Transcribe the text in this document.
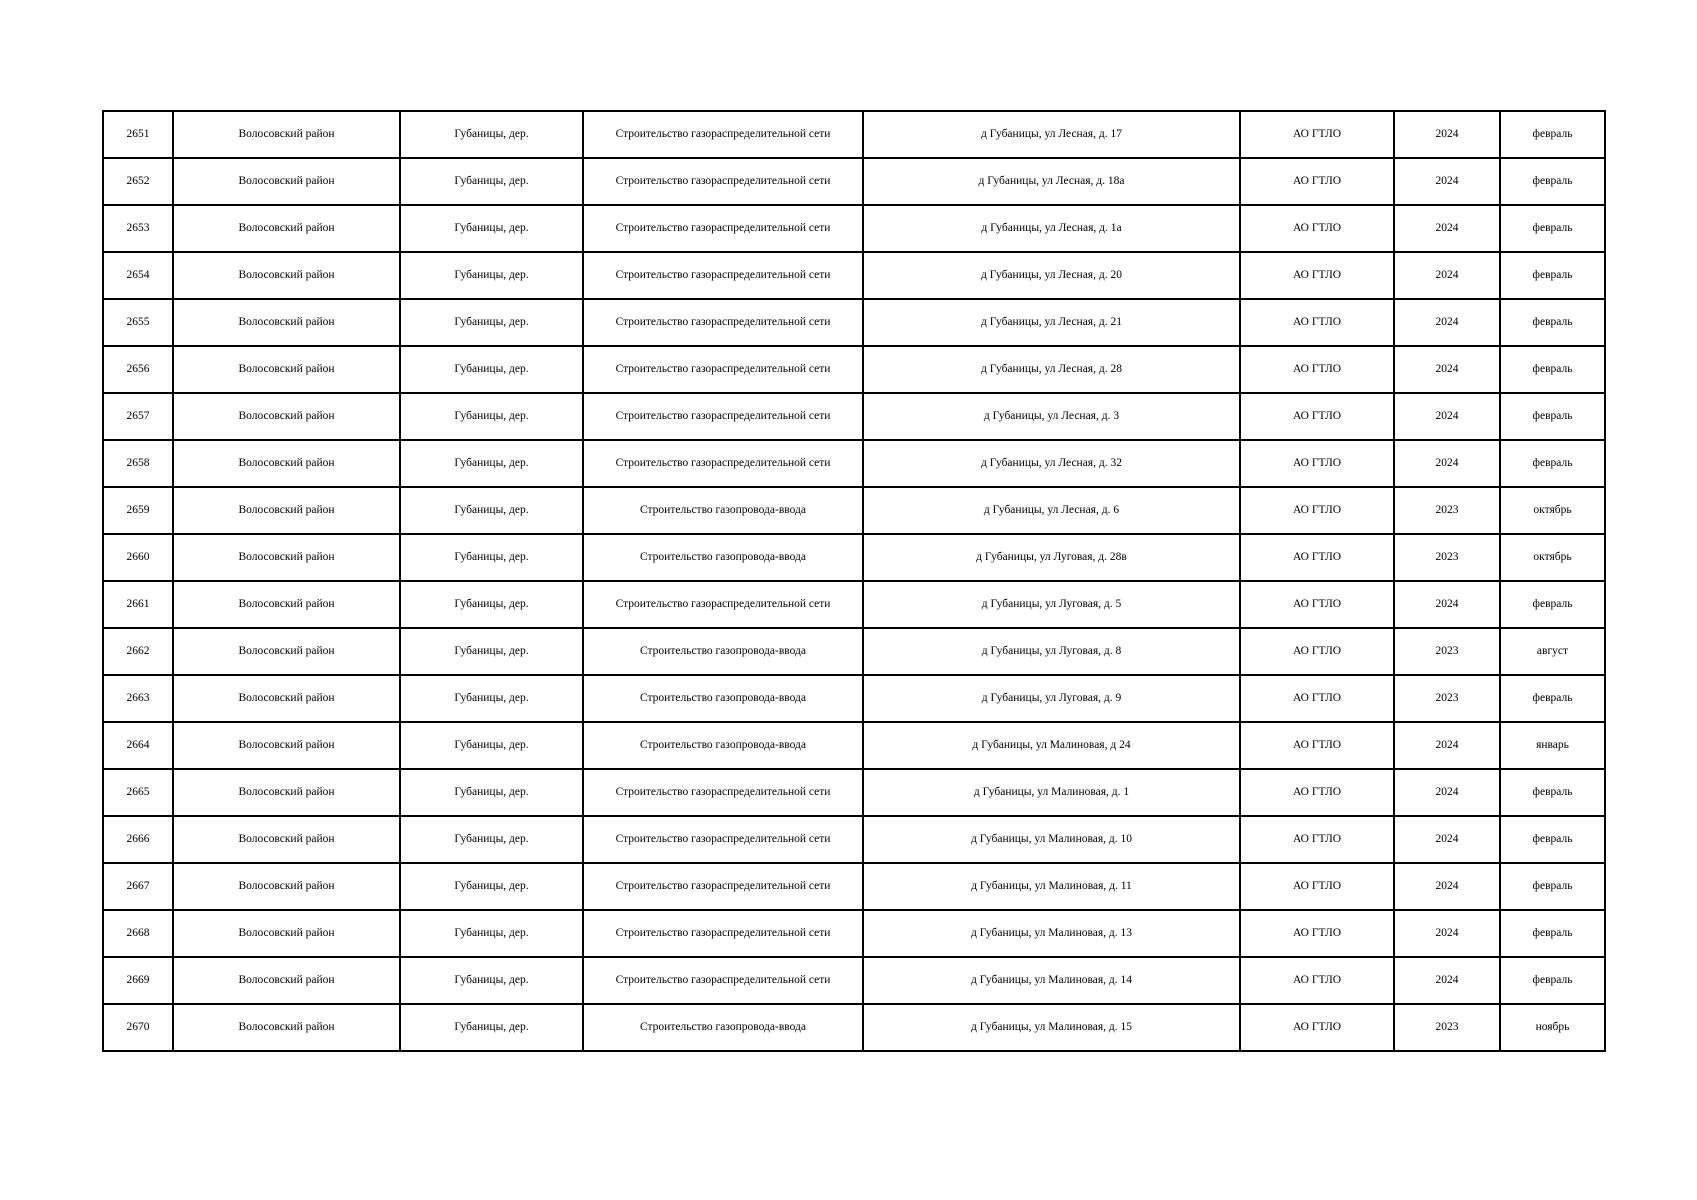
2651	Волосовский район	Губаницы, дер.	Строительство газораспределительной сети	д Губаницы, ул Лесная, д. 17	АО ГТЛО	2024	февраль
2652	Волосовский район	Губаницы, дер.	Строительство газораспределительной сети	д Губаницы, ул Лесная, д. 18а	АО ГТЛО	2024	февраль
2653	Волосовский район	Губаницы, дер.	Строительство газораспределительной сети	д Губаницы, ул Лесная, д. 1а	АО ГТЛО	2024	февраль
2654	Волосовский район	Губаницы, дер.	Строительство газораспределительной сети	д Губаницы, ул Лесная, д. 20	АО ГТЛО	2024	февраль
2655	Волосовский район	Губаницы, дер.	Строительство газораспределительной сети	д Губаницы, ул Лесная, д. 21	АО ГТЛО	2024	февраль
2656	Волосовский район	Губаницы, дер.	Строительство газораспределительной сети	д Губаницы, ул Лесная, д. 28	АО ГТЛО	2024	февраль
2657	Волосовский район	Губаницы, дер.	Строительство газораспределительной сети	д Губаницы, ул Лесная, д. 3	АО ГТЛО	2024	февраль
2658	Волосовский район	Губаницы, дер.	Строительство газораспределительной сети	д Губаницы, ул Лесная, д. 32	АО ГТЛО	2024	февраль
2659	Волосовский район	Губаницы, дер.	Строительство газопровода-ввода	д Губаницы, ул Лесная, д. 6	АО ГТЛО	2023	октябрь
2660	Волосовский район	Губаницы, дер.	Строительство газопровода-ввода	д Губаницы, ул Луговая, д. 28в	АО ГТЛО	2023	октябрь
2661	Волосовский район	Губаницы, дер.	Строительство газораспределительной сети	д Губаницы, ул Луговая, д. 5	АО ГТЛО	2024	февраль
2662	Волосовский район	Губаницы, дер.	Строительство газопровода-ввода	д Губаницы, ул Луговая, д. 8	АО ГТЛО	2023	август
2663	Волосовский район	Губаницы, дер.	Строительство газопровода-ввода	д Губаницы, ул Луговая, д. 9	АО ГТЛО	2023	февраль
2664	Волосовский район	Губаницы, дер.	Строительство газопровода-ввода	д Губаницы, ул Малиновая, д 24	АО ГТЛО	2024	январь
2665	Волосовский район	Губаницы, дер.	Строительство газораспределительной сети	д Губаницы, ул Малиновая, д. 1	АО ГТЛО	2024	февраль
2666	Волосовский район	Губаницы, дер.	Строительство газораспределительной сети	д Губаницы, ул Малиновая, д. 10	АО ГТЛО	2024	февраль
2667	Волосовский район	Губаницы, дер.	Строительство газораспределительной сети	д Губаницы, ул Малиновая, д. 11	АО ГТЛО	2024	февраль
2668	Волосовский район	Губаницы, дер.	Строительство газораспределительной сети	д Губаницы, ул Малиновая, д. 13	АО ГТЛО	2024	февраль
2669	Волосовский район	Губаницы, дер.	Строительство газораспределительной сети	д Губаницы, ул Малиновая, д. 14	АО ГТЛО	2024	февраль
2670	Волосовский район	Губаницы, дер.	Строительство газопровода-ввода	д Губаницы, ул Малиновая, д. 15	АО ГТЛО	2023	ноябрь
